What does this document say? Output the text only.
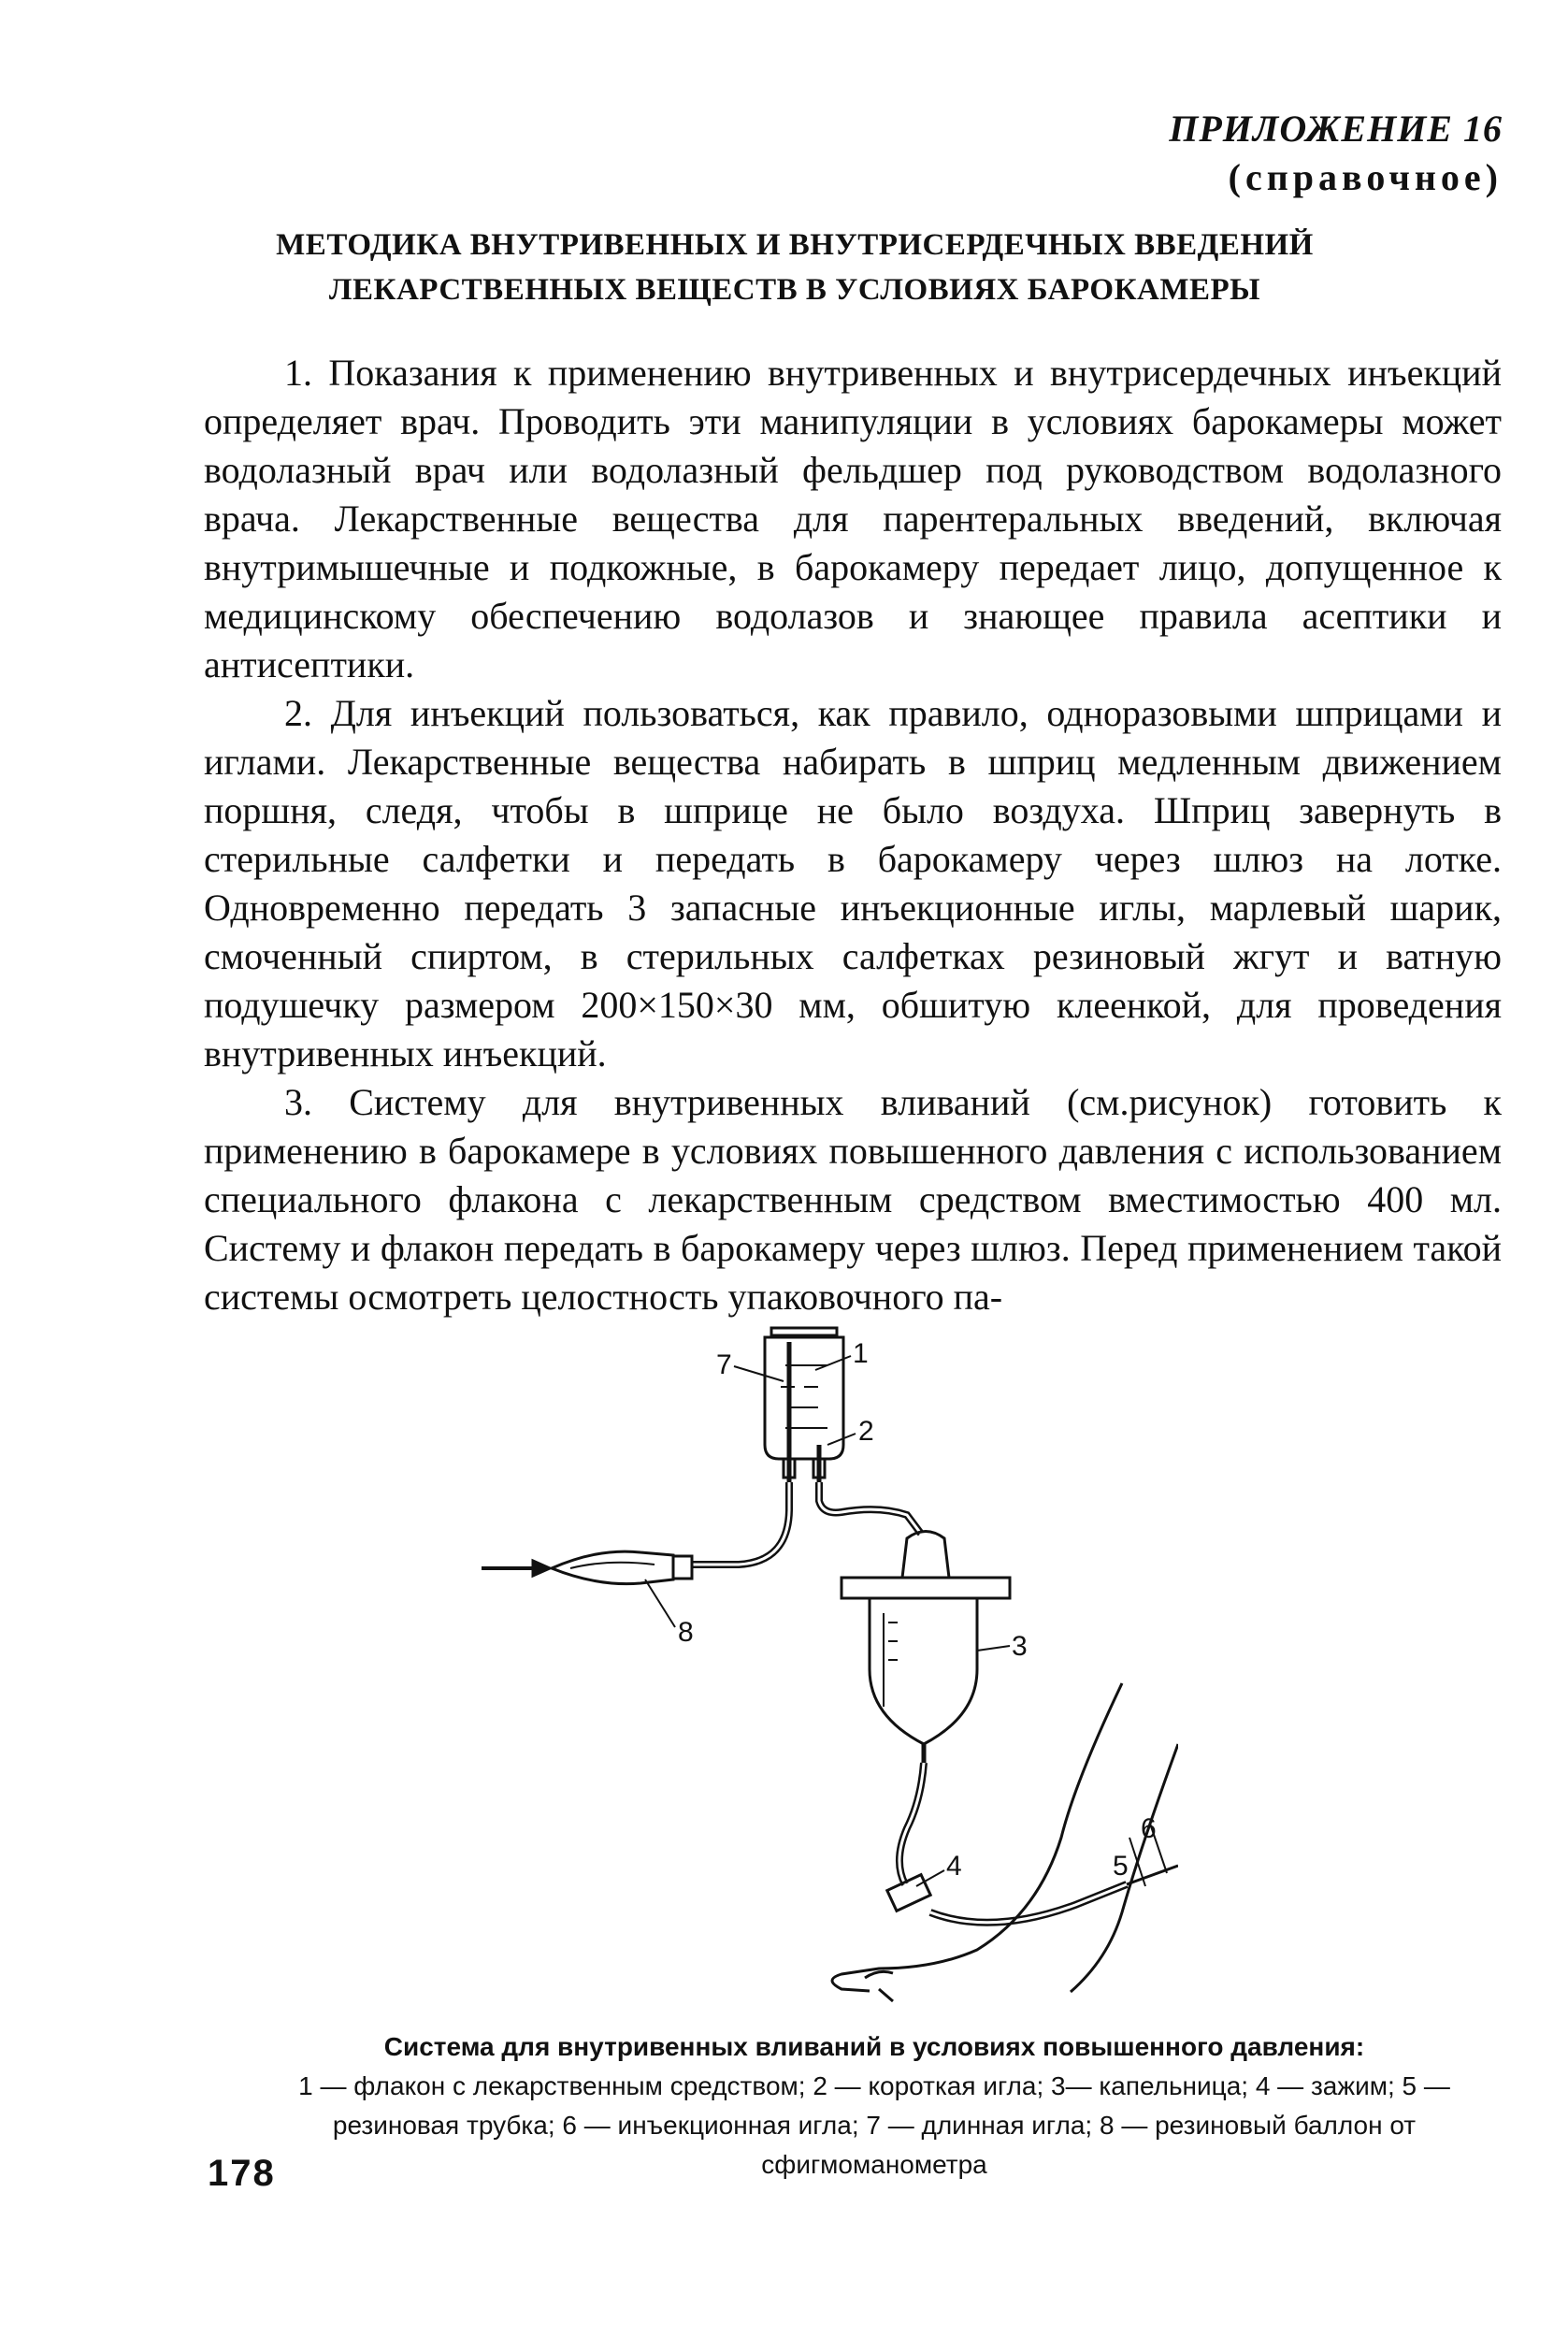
ПРИЛОЖЕНИЕ 16
(справочное)
МЕТОДИКА ВНУТРИВЕННЫХ И ВНУТРИСЕРДЕЧНЫХ ВВЕДЕНИЙ
ЛЕКАРСТВЕННЫХ ВЕЩЕСТВ В УСЛОВИЯХ БАРОКАМЕРЫ

1. Показания к применению внутривенных и внутрисердечных инъекций определяет врач. Проводить эти манипуляции в условиях барокамеры может водолазный врач или водолазный фельдшер под руководством водолазного врача. Лекарственные вещества для парентеральных введений, включая внутримышечные и подкожные, в барокамеру передает лицо, допущенное к медицинскому обеспечению водолазов и знающее правила асептики и антисептики.

2. Для инъекций пользоваться, как правило, одноразовыми шприцами и иглами. Лекарственные вещества набирать в шприц медленным движением поршня, следя, чтобы в шприце не было воздуха. Шприц завернуть в стерильные салфетки и передать в барокамеру через шлюз на лотке. Одновременно передать 3 запасные инъекционные иглы, марлевый шарик, смоченный спиртом, в стерильных салфетках резиновый жгут и ватную подушечку размером 200×150×30 мм, обшитую клеенкой, для проведения внутривенных инъекций.

3. Систему для внутривенных вливаний (см.рисунок) готовить к применению в барокамере в условиях повышенного давления с использованием специального флакона с лекарственным средством вместимостью 400 мл. Систему и флакон передать в барокамеру через шлюз. Перед применением такой системы осмотреть целостность упаковочного па-

1
2
3
4	5
6
7
8
Система для внутривенных вливаний в условиях повышенного давления:
1 — флакон с лекарственным средством; 2 — короткая игла; 3— капельница; 4 — зажим; 5 — резиновая трубка; 6 — инъекционная игла; 7 — длинная игла; 8 — резиновый баллон от сфигмоманометра
178
